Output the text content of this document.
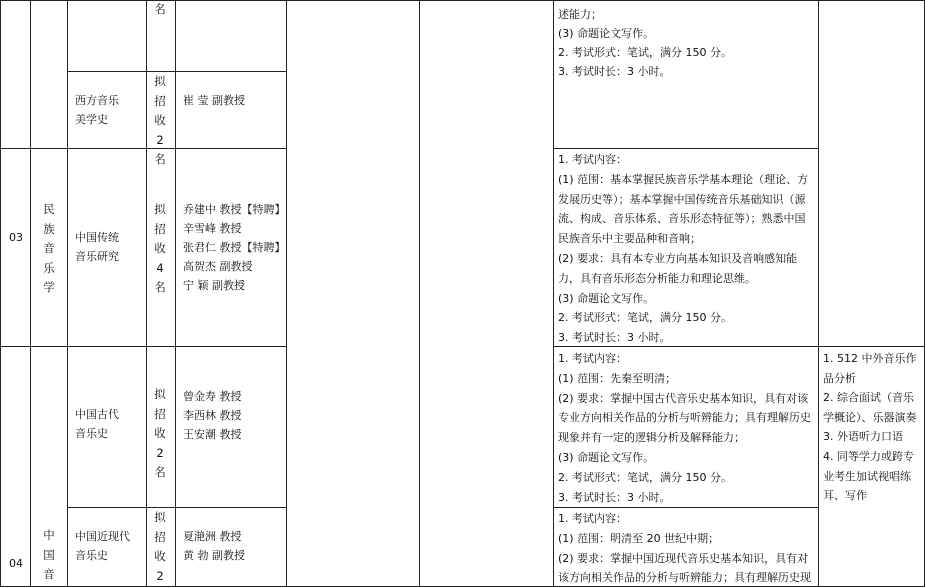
名	述能力；
(3) 命题论文写作。
2. 考试形式：笔试，满分 150 分。
3. 考试时长：3 小时。
西方音乐
美学史
拟
招
收
2
名
崔 莹 副教授
03
民
族
音
乐
学
中国传统
音乐研究
拟
招
收
4
名
乔建中 教授【特聘】
辛雪峰 教授
张君仁 教授【特聘】
高贺杰 副教授
宁 颖 副教授
1. 考试内容：
(1) 范围：基本掌握民族音乐学基本理论（理论、方
发展历史等）；基本掌握中国传统音乐基础知识（源
流、构成、音乐体系、音乐形态特征等）；熟悉中国
民族音乐中主要品种和音响；
(2) 要求：具有本专业方向基本知识及音响感知能
力，具有音乐形态分析能力和理论思维。
(3) 命题论文写作。
2. 考试形式：笔试，满分 150 分。
3. 考试时长：3 小时。
04
中
国
音
中国古代
音乐史
拟
招
收
2
名
曾金寿 教授
李西林 教授
王安潮 教授
1. 考试内容：
(1) 范围：先秦至明清；
(2) 要求：掌握中国古代音乐史基本知识，具有对该
专业方向相关作品的分析与听辨能力；具有理解历史
现象并有一定的逻辑分析及解释能力；
(3) 命题论文写作。
2. 考试形式：笔试，满分 150 分。
3. 考试时长：3 小时。
中国近现代
音乐史
拟
招
收
2
夏滟洲 教授
黄 勃 副教授
1. 考试内容：
(1) 范围：明清至 20 世纪中期；
(2) 要求：掌握中国近现代音乐史基本知识，具有对
该方向相关作品的分析与听辨能力；具有理解历史现
1. 512 中外音乐作
品分析
2. 综合面试（音乐
学概论）、乐器演奏
3. 外语听力口语
4. 同等学力或跨专
业考生加试视唱练
耳、写作
